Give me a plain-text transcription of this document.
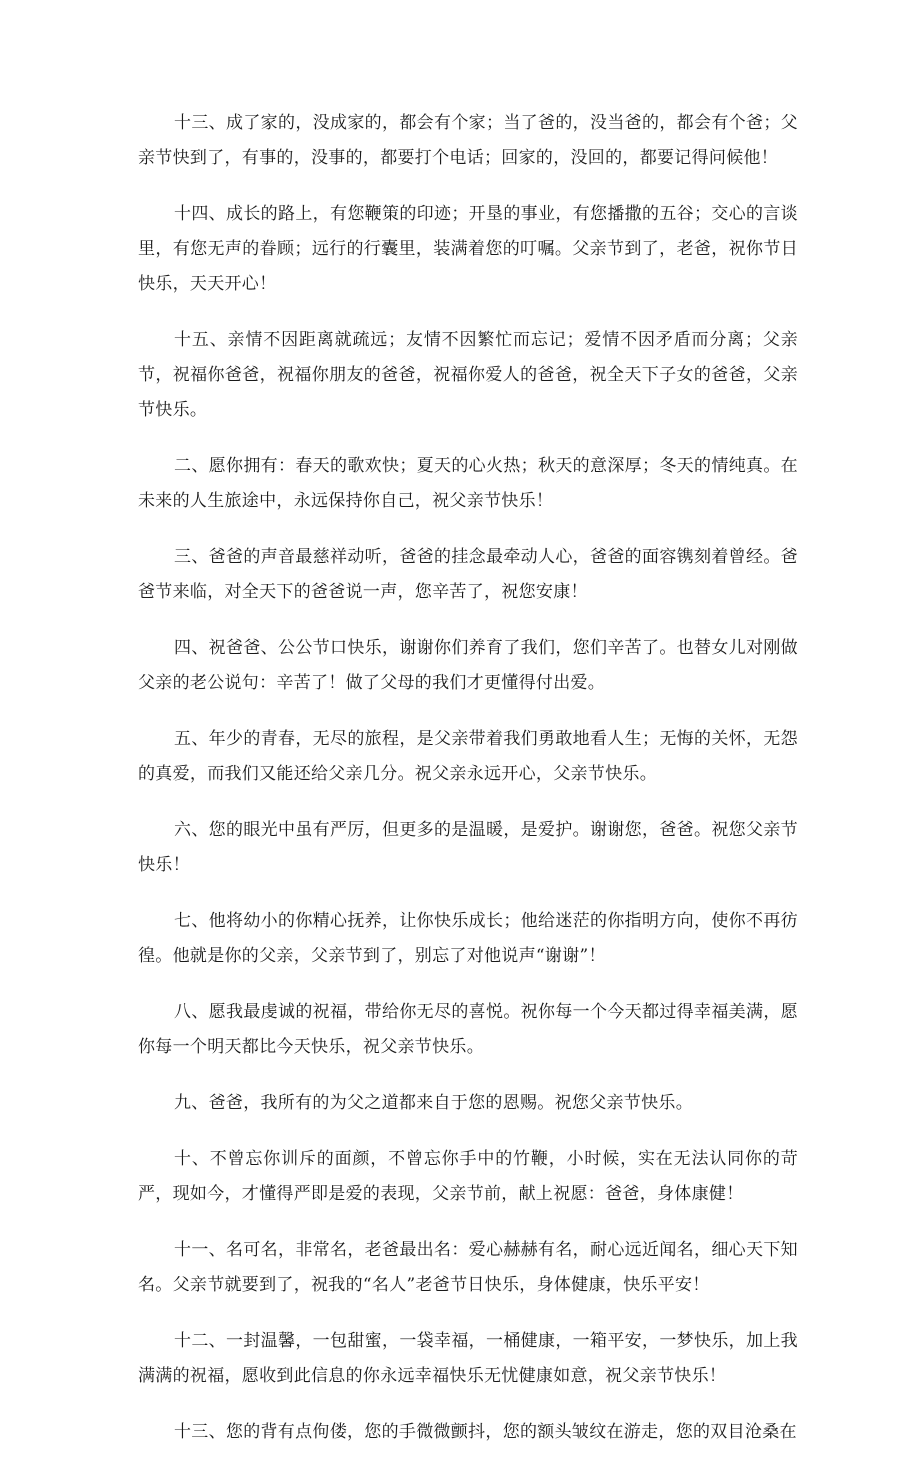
十三、成了家的，没成家的，都会有个家；当了爸的，没当爸的，都会有个爸；父亲节快到了，有事的，没事的，都要打个电话；回家的，没回的，都要记得问候他！

十四、成长的路上，有您鞭策的印迹；开垦的事业，有您播撒的五谷；交心的言谈里，有您无声的眷顾；远行的行囊里，装满着您的叮嘱。父亲节到了，老爸，祝你节日快乐，天天开心！

十五、亲情不因距离就疏远；友情不因繁忙而忘记；爱情不因矛盾而分离；父亲节，祝福你爸爸，祝福你朋友的爸爸，祝福你爱人的爸爸，祝全天下子女的爸爸，父亲节快乐。

二、愿你拥有：春天的歌欢快；夏天的心火热；秋天的意深厚；冬天的情纯真。在未来的人生旅途中，永远保持你自己，祝父亲节快乐！

三、爸爸的声音最慈祥动听，爸爸的挂念最牵动人心，爸爸的面容镌刻着曾经。爸爸节来临，对全天下的爸爸说一声，您辛苦了，祝您安康！

四、祝爸爸、公公节口快乐，谢谢你们养育了我们，您们辛苦了。也替女儿对刚做父亲的老公说句：辛苦了！做了父母的我们才更懂得付出爱。

五、年少的青春，无尽的旅程，是父亲带着我们勇敢地看人生；无悔的关怀，无怨的真爱，而我们又能还给父亲几分。祝父亲永远开心，父亲节快乐。

六、您的眼光中虽有严厉，但更多的是温暖，是爱护。谢谢您，爸爸。祝您父亲节快乐！

七、他将幼小的你精心抚养，让你快乐成长；他给迷茫的你指明方向，使你不再彷徨。他就是你的父亲，父亲节到了，别忘了对他说声“谢谢”！

八、愿我最虔诚的祝福，带给你无尽的喜悦。祝你每一个今天都过得幸福美满，愿你每一个明天都比今天快乐，祝父亲节快乐。

九、爸爸，我所有的为父之道都来自于您的恩赐。祝您父亲节快乐。

十、不曾忘你训斥的面颜，不曾忘你手中的竹鞭，小时候，实在无法认同你的苛严，现如今，才懂得严即是爱的表现，父亲节前，献上祝愿：爸爸，身体康健！

十一、名可名，非常名，老爸最出名：爱心赫赫有名，耐心远近闻名，细心天下知名。父亲节就要到了，祝我的“名人”老爸节日快乐，身体健康，快乐平安！

十二、一封温馨，一包甜蜜，一袋幸福，一桶健康，一箱平安，一梦快乐，加上我满满的祝福，愿收到此信息的你永远幸福快乐无忧健康如意，祝父亲节快乐！

十三、您的背有点佝偻，您的手微微颤抖，您的额头皱纹在游走，您的双目沧桑在
